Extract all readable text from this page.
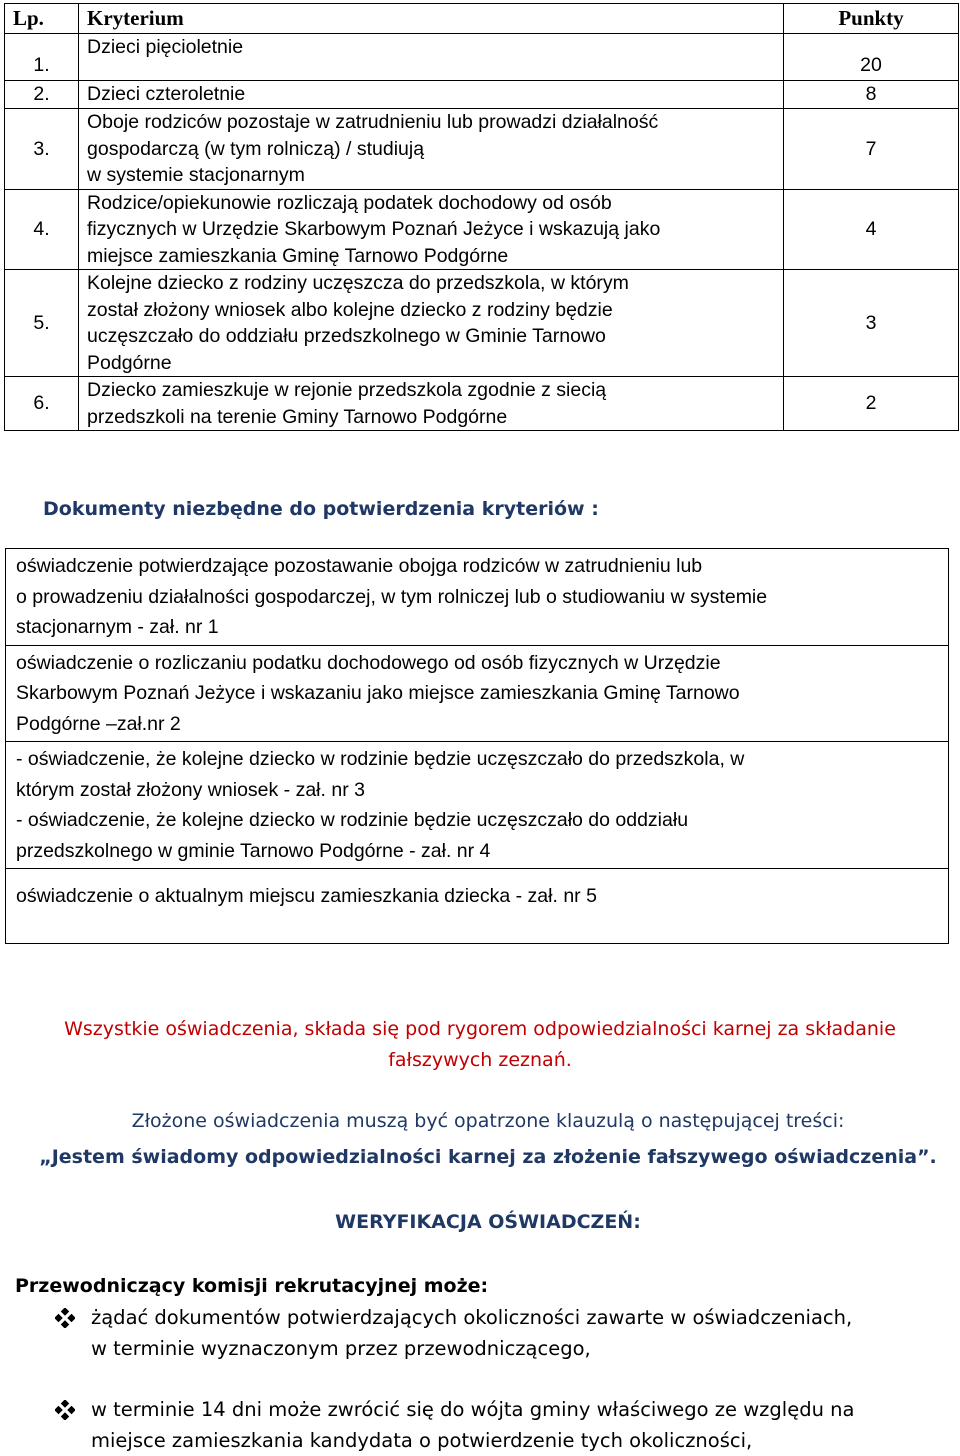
Lp.	Kryterium	Punkty
1.	Dzieci pięcioletnie	20
2.	Dzieci czteroletnie	8
3.	Oboje rodziców pozostaje w zatrudnieniu lub prowadzi działalność
gospodarczą (w tym rolniczą) / studiują
w systemie stacjonarnym	7
4.	Rodzice/opiekunowie rozliczają podatek dochodowy od osób
fizycznych w Urzędzie Skarbowym Poznań Jeżyce i wskazują jako
miejsce zamieszkania Gminę Tarnowo Podgórne	4
5.	Kolejne dziecko z rodziny uczęszcza do przedszkola, w którym
został złożony wniosek albo kolejne dziecko z rodziny będzie
uczęszczało do oddziału przedszkolnego w Gminie Tarnowo
Podgórne	3
6.	Dziecko zamieszkuje w rejonie przedszkola zgodnie z siecią
przedszkoli na terenie Gminy Tarnowo Podgórne	2
Dokumenty niezbędne do potwierdzenia kryteriów :
oświadczenie potwierdzające pozostawanie obojga rodziców w zatrudnieniu lub
o prowadzeniu działalności gospodarczej, w tym rolniczej lub o studiowaniu w systemie
stacjonarnym - zał. nr 1

oświadczenie o rozliczaniu podatku dochodowego od osób fizycznych w Urzędzie
Skarbowym Poznań Jeżyce i wskazaniu jako miejsce zamieszkania Gminę Tarnowo
Podgórne –zał.nr 2

- oświadczenie, że kolejne dziecko w rodzinie będzie uczęszczało do przedszkola, w
którym został złożony wniosek - zał. nr 3
- oświadczenie, że kolejne dziecko w rodzinie będzie uczęszczało do oddziału
przedszkolnego w gminie Tarnowo Podgórne - zał. nr 4

oświadczenie o aktualnym miejscu zamieszkania dziecka - zał. nr 5
Wszystkie oświadczenia, składa się pod rygorem odpowiedzialności karnej za składanie
fałszywych zeznań.
Złożone oświadczenia muszą być opatrzone klauzulą o następującej treści:
„Jestem świadomy odpowiedzialności karnej za złożenie fałszywego oświadczenia”.
WERYFIKACJA OŚWIADCZEŃ:
Przewodniczący komisji rekrutacyjnej może:
żądać dokumentów potwierdzających okoliczności zawarte w oświadczeniach,
w terminie wyznaczonym przez przewodniczącego,
w terminie 14 dni może zwrócić się do wójta gminy właściwego ze względu na
miejsce zamieszkania kandydata o potwierdzenie tych okoliczności,
